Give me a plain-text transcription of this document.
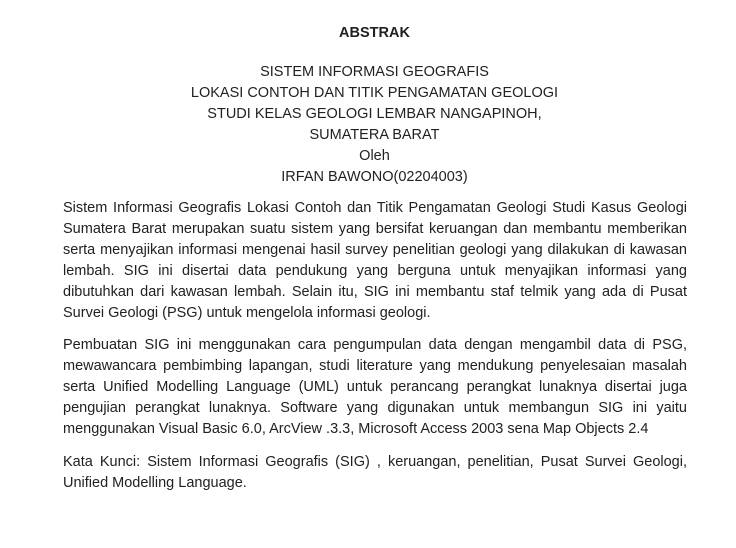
ABSTRAK
SISTEM INFORMASI GEOGRAFIS
LOKASI CONTOH DAN TITIK PENGAMATAN GEOLOGI
STUDI KELAS GEOLOGI LEMBAR NANGAPINOH,
SUMATERA BARAT
Oleh
IRFAN BAWONO(02204003)

Sistem Informasi Geografis Lokasi Contoh dan Titik Pengamatan Geologi Studi Kasus Geologi Sumatera Barat merupakan suatu sistem yang bersifat keruangan dan membantu memberikan serta menyajikan informasi mengenai hasil survey penelitian geologi yang dilakukan di kawasan lembah. SIG ini disertai data pendukung yang berguna untuk menyajikan informasi yang dibutuhkan dari kawasan lembah. Selain itu, SIG ini membantu staf telmik yang ada di Pusat Survei Geologi (PSG) untuk mengelola informasi geologi.

Pembuatan SIG ini menggunakan cara pengumpulan data dengan mengambil data di PSG, mewawancara pembimbing lapangan, studi literature yang mendukung penyelesaian masalah serta Unified Modelling Language (UML) untuk perancang perangkat lunaknya disertai juga pengujian perangkat lunaknya. Software yang digunakan untuk membangun SIG ini yaitu menggunakan Visual Basic 6.0, ArcView .3.3, Microsoft Access 2003 sena Map Objects 2.4

Kata Kunci: Sistem Informasi Geografis (SIG) , keruangan, penelitian, Pusat Survei Geologi, Unified Modelling Language.
